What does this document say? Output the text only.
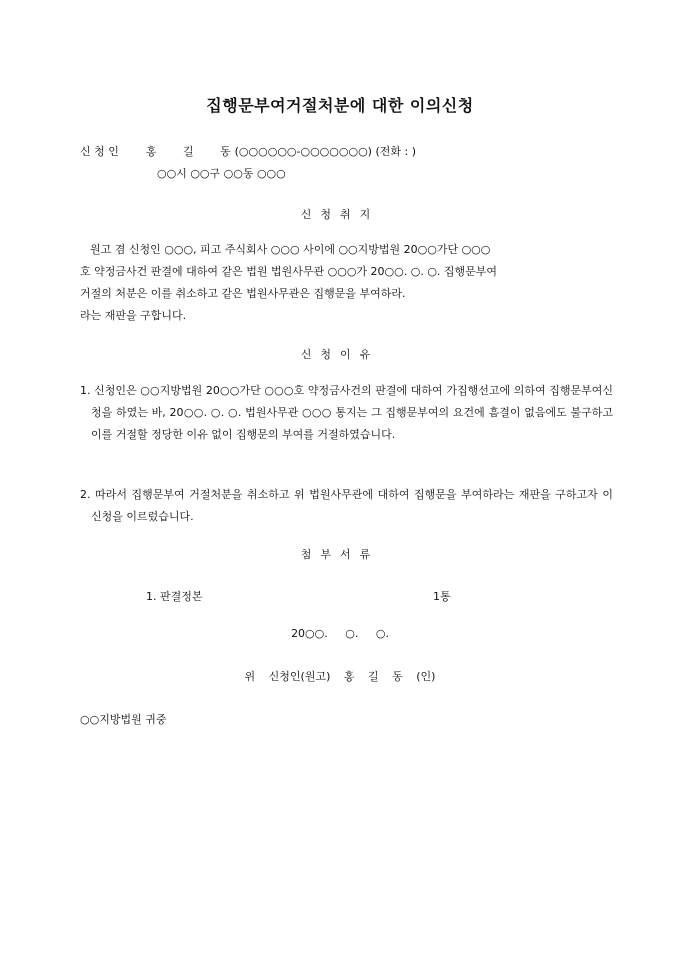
집행문부여거절처분에 대한 이의신청
신 청 인 홍 길 동 (○○○○○○-○○○○○○○) (전화 : )
○○시 ○○구 ○○동 ○○○
신청취지
원고 겸 신청인 ○○○, 피고 주식회사 ○○○ 사이에 ○○지방법원 20○○가단 ○○○
호 약정금사건 판결에 대하여 같은 법원 법원사무관 ○○○가 20○○. ○. ○. 집행문부여
거절의 처분은 이를 취소하고 같은 법원사무관은 집행문을 부여하라.
라는 재판을 구합니다.
신청이유
1. 신청인은 ○○지방법원 20○○가단 ○○○호 약정금사건의 판결에 대하여 가집행선고에 의하여 집행문부여신청을 하였는 바, 20○○. ○. ○. 법원사무관 ○○○ 통지는 그 집행문부여의 요건에 흠결이 없음에도 불구하고 이를 거절할 정당한 이유 없이 집행문의 부여를 거절하였습니다.
2. 따라서 집행문부여 거절처분을 취소하고 위 법원사무관에 대하여 집행문을 부여하라는 재판을 구하고자 이 신청을 이르렀습니다.
첨부서류
1. 판결정본	1통
20○○. ○. ○.
위 신청인(원고) 홍 길 동 (인)
○○지방법원 귀중
